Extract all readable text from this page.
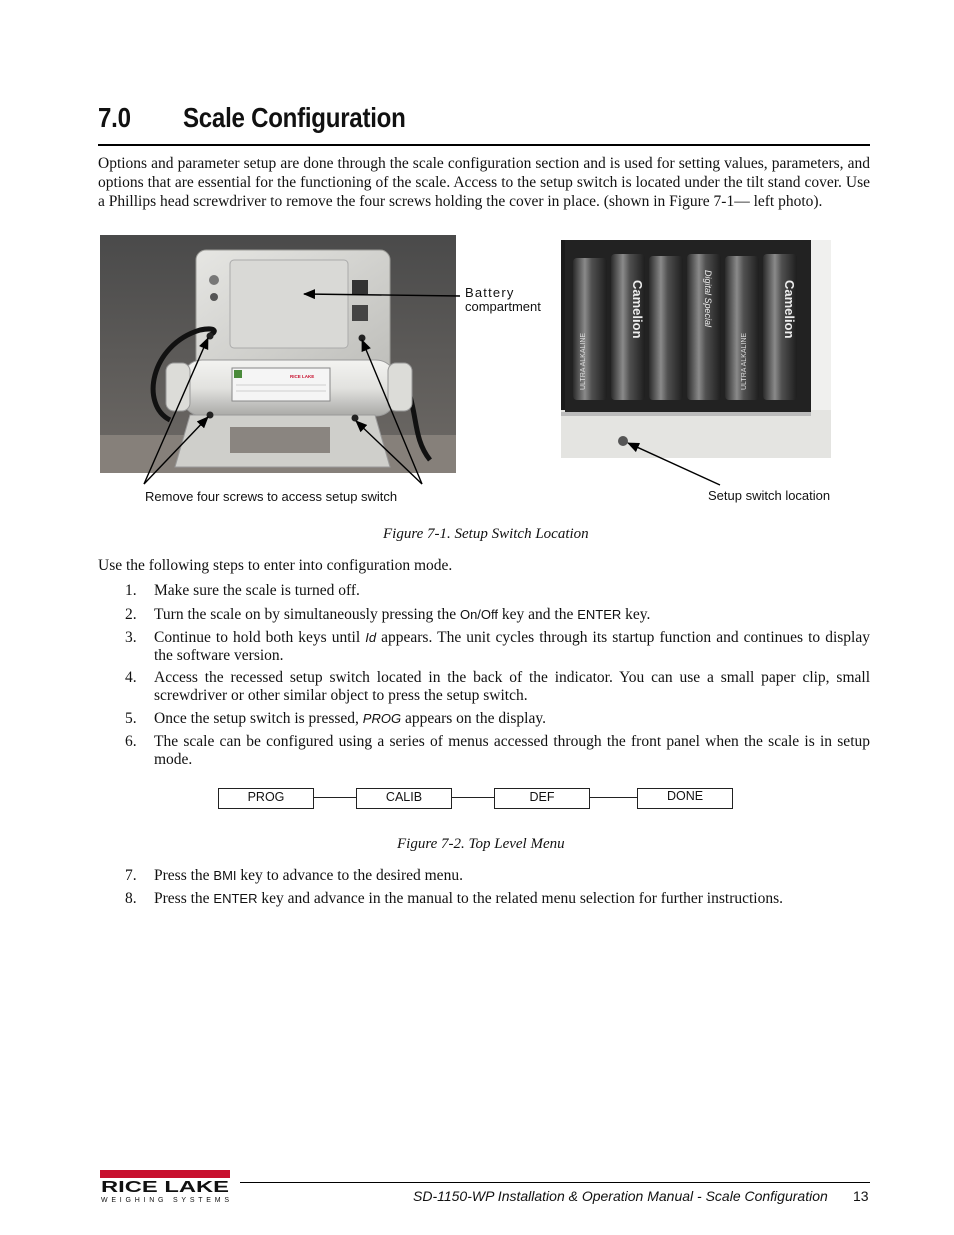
7.0 Scale Configuration

Options and parameter setup are done through the scale configuration section and is used for setting values, parameters, and options that are essential for the functioning of the scale. Access to the setup switch is located under the tilt stand cover. Use a Phillips head screwdriver to remove the four screws holding the cover in place. (shown in Figure 7-1— left photo).

RICE LAKE
Camelion	Camelion
ULTRA ALKALINE	ULTRA ALKALINE
Digital Special
Battery
compartment
Remove four screws to access setup switch	Setup switch location
Figure 7-1. Setup Switch Location

Use the following steps to enter into configuration mode.

1. Make sure the scale is turned off.
2. Turn the scale on by simultaneously pressing the On/Off key and the ENTER key.
3. Continue to hold both keys until Id appears. The unit cycles through its startup function and continues to display the software version.
4. Access the recessed setup switch located in the back of the indicator. You can use a small paper clip, small screwdriver or other similar object to press the setup switch.
5. Once the setup switch is pressed, PROG appears on the display.
6. The scale can be configured using a series of menus accessed through the front panel when the scale is in setup mode.
7. Press the BMI key to advance to the desired menu.
8. Press the ENTER key and advance in the manual to the related menu selection for further instructions.
PROG	CALIB	DEF	DONE
Figure 7-2. Top Level Menu
RICE LAKE
WEIGHING SYSTEMS	SD-1150-WP Installation & Operation Manual - Scale Configuration 13
